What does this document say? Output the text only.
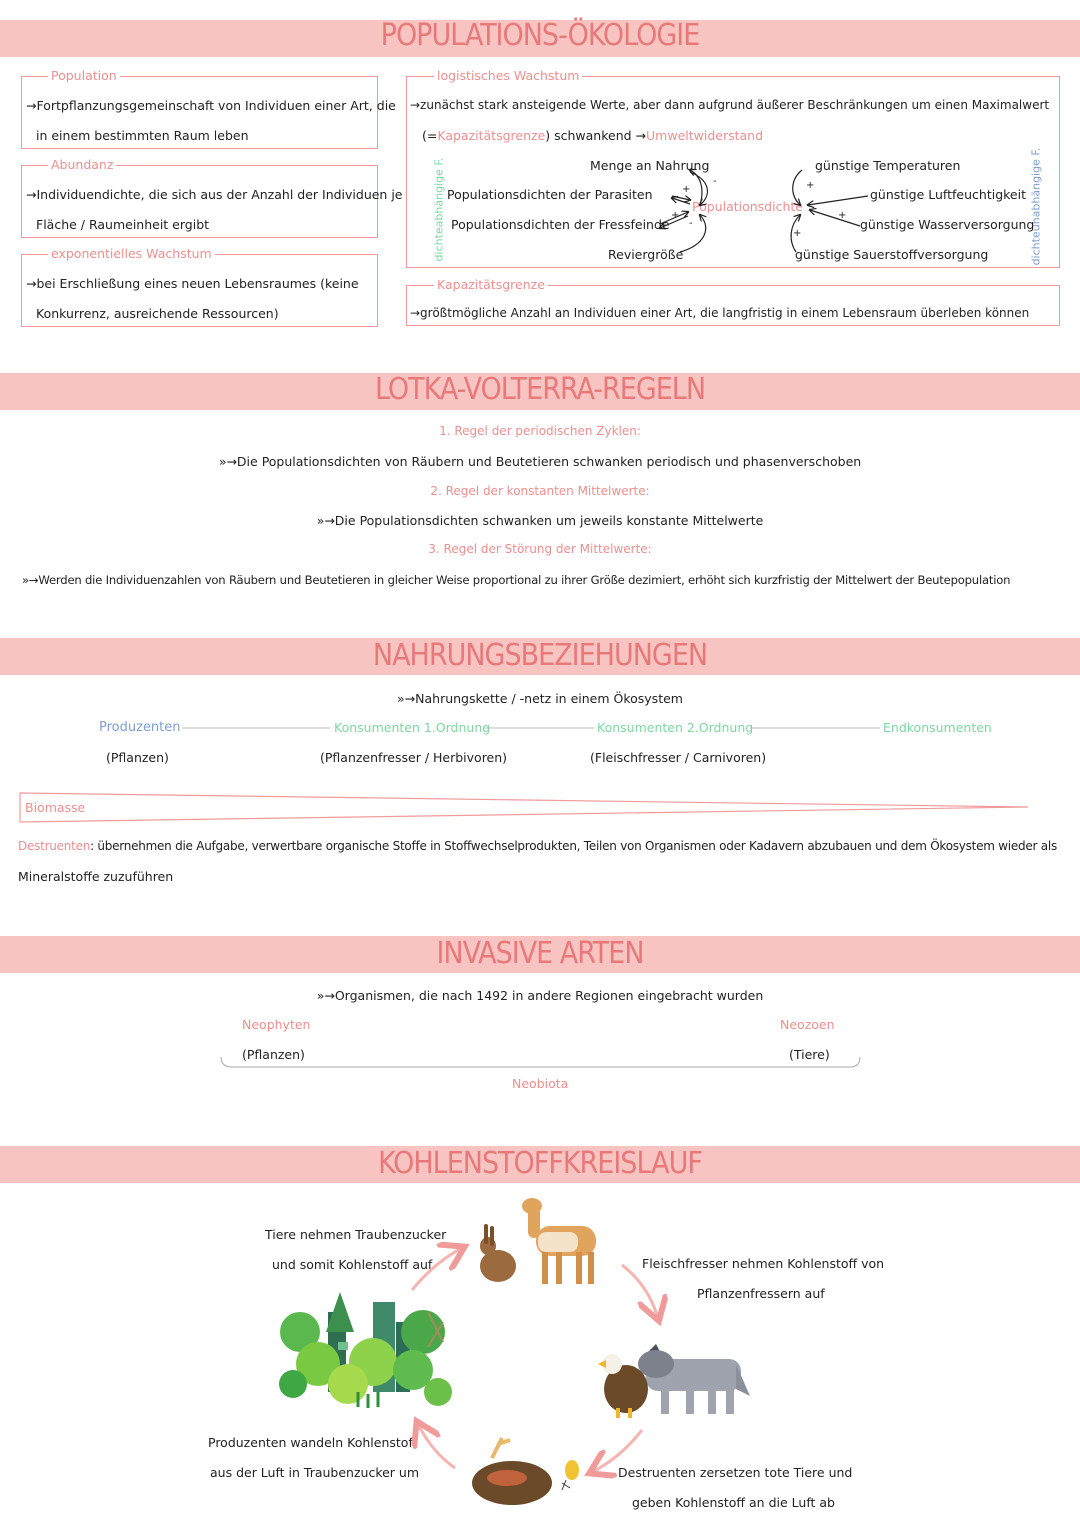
POPULATIONS-ÖKOLOGIE
Population
→Fortpflanzungsgemeinschaft von Individuen einer Art, die
in einem bestimmten Raum leben
Abundanz
→Individuendichte, die sich aus der Anzahl der Individuen je
Fläche / Raumeinheit ergibt
exponentielles Wachstum
→bei Erschließung eines neuen Lebensraumes (keine
Konkurrenz, ausreichende Ressourcen)
logistisches Wachstum
→zunächst stark ansteigende Werte, aber dann aufgrund äußerer Beschränkungen um einen Maximalwert
(=Kapazitätsgrenze) schwankend →Umweltwiderstand
dichteabhängige F.	dichteunabhängige F.
Menge an Nahrung
Populationsdichten der Parasiten
Populationsdichten der Fressfeinde
Reviergröße
Populationsdichte
günstige Temperaturen
günstige Luftfeuchtigkeit
günstige Wasserversorgung
günstige Sauerstoffversorgung
-
+
+
-
+
+
+
Kapazitätsgrenze
→größtmögliche Anzahl an Individuen einer Art, die langfristig in einem Lebensraum überleben können
LOTKA-VOLTERRA-REGELN
1. Regel der periodischen Zyklen:
»→Die Populationsdichten von Räubern und Beutetieren schwanken periodisch und phasenverschoben
2. Regel der konstanten Mittelwerte:
»→Die Populationsdichten schwanken um jeweils konstante Mittelwerte
3. Regel der Störung der Mittelwerte:
»→Werden die Individuenzahlen von Räubern und Beutetieren in gleicher Weise proportional zu ihrer Größe dezimiert, erhöht sich kurzfristig der Mittelwert der Beutepopulation
NAHRUNGSBEZIEHUNGEN
»→Nahrungskette / -netz in einem Ökosystem
Produzenten
(Pflanzen)
Konsumenten 1.Ordnung
(Pflanzenfresser / Herbivoren)
Konsumenten 2.Ordnung
(Fleischfresser / Carnivoren)
Endkonsumenten
Biomasse
Destruenten: übernehmen die Aufgabe, verwertbare organische Stoffe in Stoffwechselprodukten, Teilen von Organismen oder Kadavern abzubauen und dem Ökosystem wieder als
Mineralstoffe zuzuführen
INVASIVE ARTEN
»→Organismen, die nach 1492 in andere Regionen eingebracht wurden
Neophyten
(Pflanzen)
Neozoen
(Tiere)
Neobiota
KOHLENSTOFFKREISLAUF
Tiere nehmen Traubenzucker
und somit Kohlenstoff auf	Fleischfresser nehmen Kohlenstoff von
Pflanzenfressern auf
Produzenten wandeln Kohlenstoff
aus der Luft in Traubenzucker um	Destruenten zersetzen tote Tiere und
geben Kohlenstoff an die Luft ab
